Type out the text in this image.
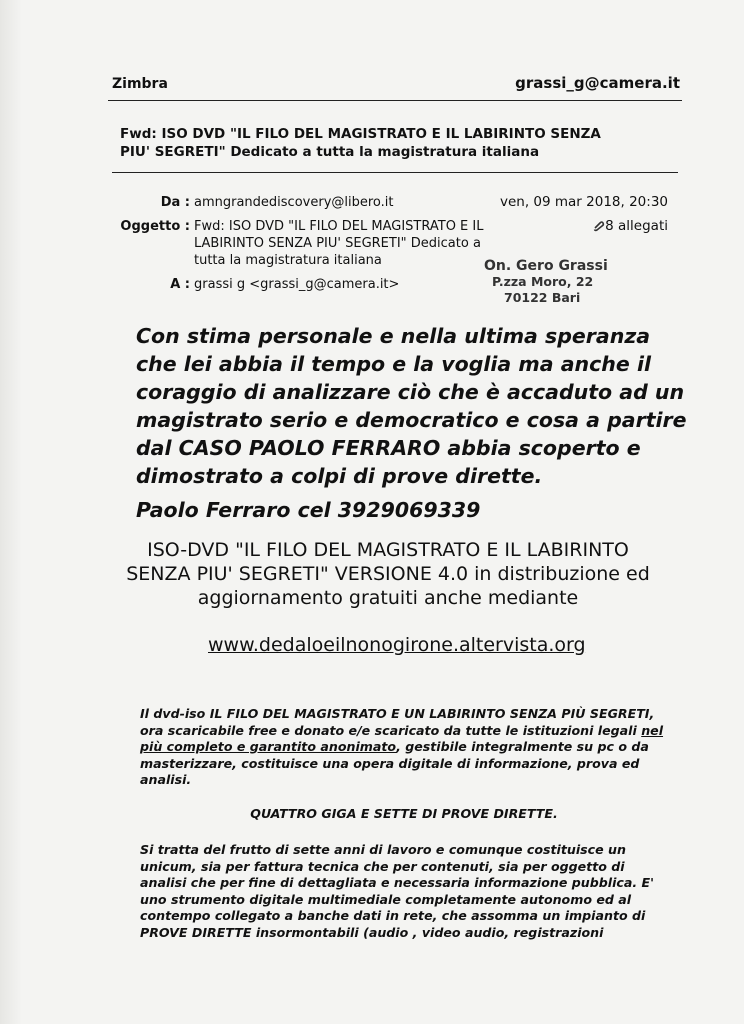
Zimbra	grassi_g@camera.it
Fwd: ISO DVD "IL FILO DEL MAGISTRATO E IL LABIRINTO SENZA PIU' SEGRETI" Dedicato a tutta la magistratura italiana
Da : amngrandediscovery@libero.it	ven, 09 mar 2018, 20:30
Oggetto : Fwd: ISO DVD "IL FILO DEL MAGISTRATO E IL LABIRINTO SENZA PIU' SEGRETI" Dedicato a tutta la magistratura italiana
8 allegati
A : grassi g <grassi_g@camera.it>
On. Gero Grassi
P.zza Moro, 22
70122 Bari

Con stima personale e nella ultima speranza che lei abbia il tempo e la voglia ma anche il coraggio di analizzare ciò che è accaduto ad un magistrato serio e democratico e cosa a partire dal CASO PAOLO FERRARO abbia scoperto e dimostrato a colpi di prove dirette.

Paolo Ferraro cel 3929069339
ISO-DVD "IL FILO DEL MAGISTRATO E IL LABIRINTO SENZA PIU' SEGRETI" VERSIONE 4.0 in distribuzione ed aggiornamento gratuiti anche mediante
www.dedaloeilnonogirone.altervista.org
Il dvd-iso IL FILO DEL MAGISTRATO E UN LABIRINTO SENZA PIÙ SEGRETI, ora scaricabile free e donato e/e scaricato da tutte le istituzioni legali nel più completo e garantito anonimato, gestibile integralmente su pc o da masterizzare, costituisce una opera digitale di informazione, prova ed analisi.
QUATTRO GIGA E SETTE DI PROVE DIRETTE.
Si tratta del frutto di sette anni di lavoro e comunque costituisce un unicum, sia per fattura tecnica che per contenuti, sia per oggetto di analisi che per fine di dettagliata e necessaria informazione pubblica. E' uno strumento digitale multimediale completamente autonomo ed al contempo collegato a banche dati in rete, che assomma un impianto di PROVE DIRETTE insormontabili (audio , video audio, registrazioni
